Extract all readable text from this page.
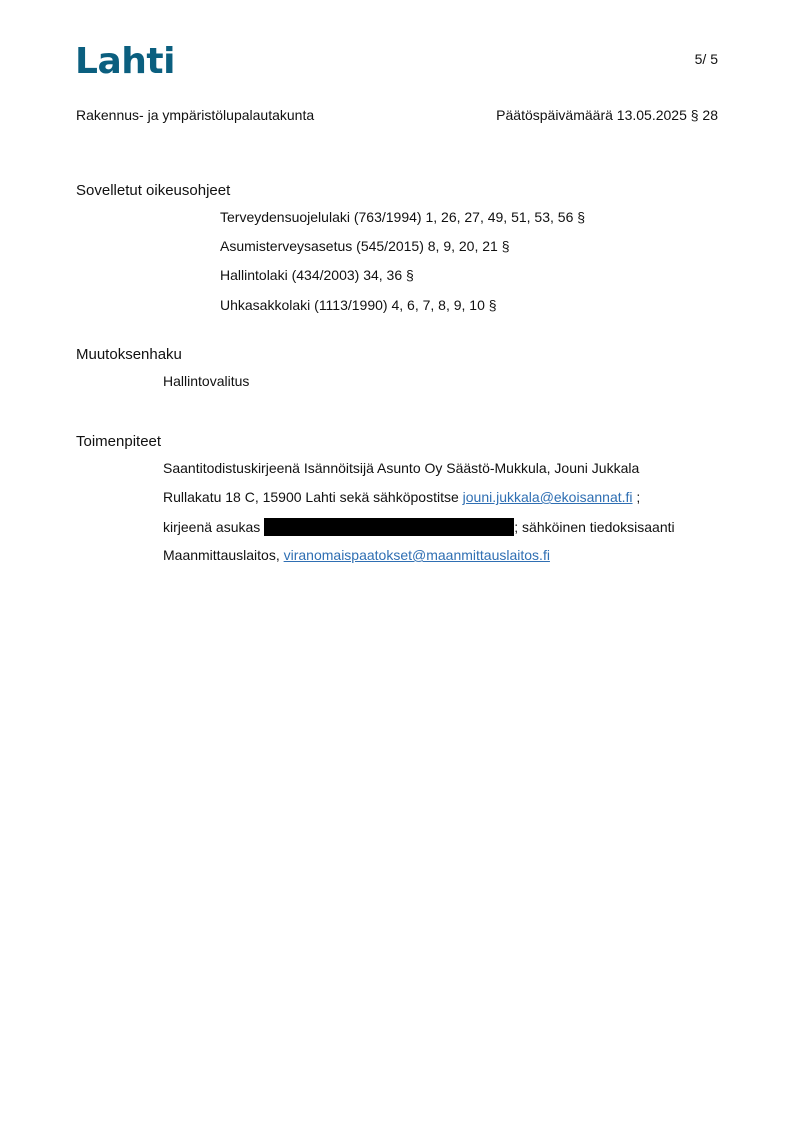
Lahti	5/ 5
Rakennus- ja ympäristölupalautakunta	Päätöspäivämäärä 13.05.2025 § 28
Sovelletut oikeusohjeet
Terveydensuojelulaki (763/1994) 1, 26, 27, 49, 51, 53, 56 §
Asumisterveysasetus (545/2015) 8, 9, 20, 21 §
Hallintolaki (434/2003) 34, 36 §
Uhkasakkolaki (1113/1990) 4, 6, 7, 8, 9, 10 §
Muutoksenhaku
Hallintovalitus
Toimenpiteet
Saantitodistuskirjeenä Isännöitsijä Asunto Oy Säästö-Mukkula, Jouni Jukkala
Rullakatu 18 C, 15900 Lahti sekä sähköpostitse jouni.jukkala@ekoisannat.fi ;
kirjeenä asukas	; sähköinen tiedoksisaanti
Maanmittauslaitos, viranomaispaatokset@maanmittauslaitos.fi
